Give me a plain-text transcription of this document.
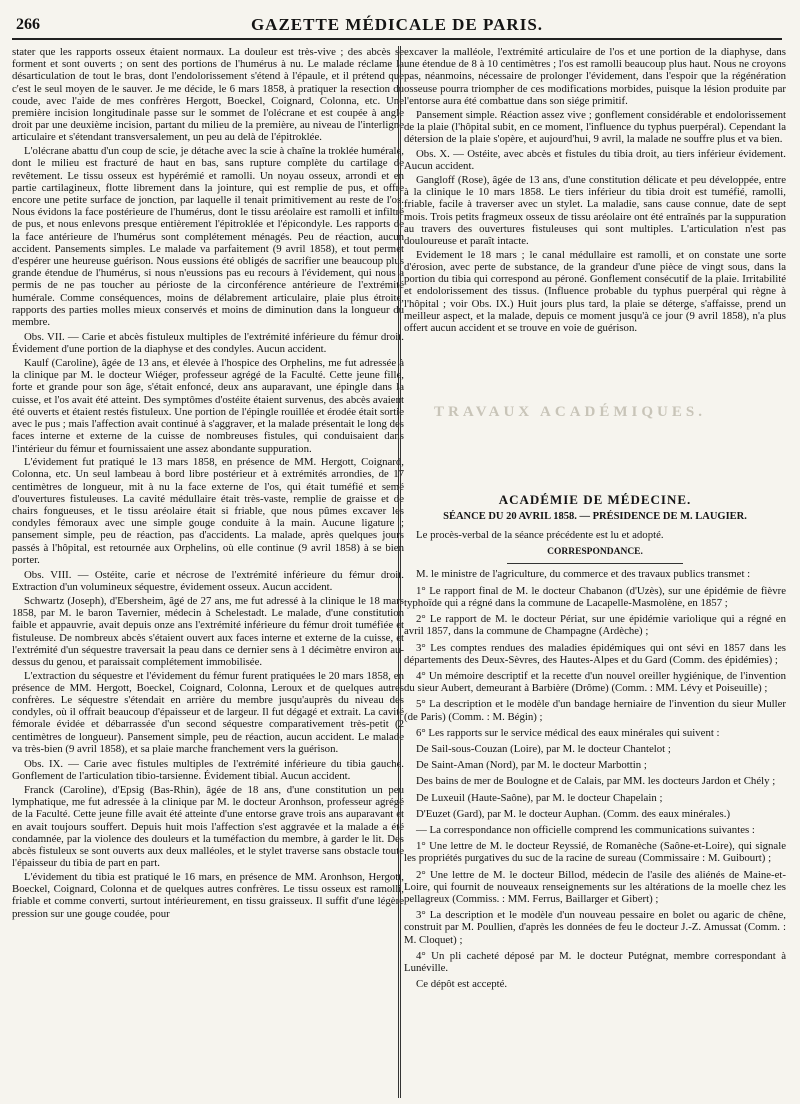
266	GAZETTE MÉDICALE DE PARIS.

stater que les rapports osseux étaient normaux. La douleur est très-vive ; des abcès se forment et sont ouverts ; on sent des portions de l'humérus à nu. Le malade réclame la désarticulation de tout le bras, dont l'endolorissement s'étend à l'épaule, et il prétend que c'est le seul moyen de le sauver. Je me décide, le 6 mars 1858, à pratiquer la resection du coude, avec l'aide de mes confrères Hergott, Boeckel, Coignard, Colonna, etc. Une première incision longitudinale passe sur le sommet de l'olécrane et est coupée à angle droit par une deuxième incision, partant du milieu de la première, au niveau de l'interligne articulaire et s'étendant transversalement, un peu au delà de l'épitroklée.

L'olécrane abattu d'un coup de scie, je détache avec la scie à chaîne la troklée humérale, dont le milieu est fracturé de haut en bas, sans rupture complète du cartilage de revêtement. Le tissu osseux est hypérémié et ramolli. Un noyau osseux, arrondi et en partie cartilagineux, flotte librement dans la jointure, qui est remplie de pus, et offre encore une petite surface de jonction, par laquelle il tenait primitivement au reste de l'os. Nous évidons la face postérieure de l'humérus, dont le tissu aréolaire est ramolli et infiltré de pus, et nous enlevons presque entièrement l'épitroklée et l'épicondyle. Les rapports de la face antérieure de l'humérus sont complétement ménagés. Peu de réaction, aucun accident. Pansements simples. Le malade va parfaitement (9 avril 1858), et tout permet d'espérer une heureuse guérison. Nous eussions été obligés de sacrifier une beaucoup plus grande étendue de l'humérus, si nous n'eussions pas eu recours à l'évidement, qui nous a permis de ne pas toucher au périoste de la circonférence antérieure de l'extrémité humérale. Comme conséquences, moins de délabrement articulaire, plaie plus étroite, rapports des parties molles mieux conservés et moins de diminution dans la longueur du membre.

Obs. VII. — Carie et abcès fistuleux multiples de l'extrémité inférieure du fémur droit. Évidement d'une portion de la diaphyse et des condyles. Aucun accident.

Kaulf (Caroline), âgée de 13 ans, et élevée à l'hospice des Orphelins, me fut adressée à la clinique par M. le docteur Wiéger, professeur agrégé de la Faculté. Cette jeune fille, forte et grande pour son âge, s'était enfoncé, deux ans auparavant, une épingle dans la cuisse, et l'os avait été atteint. Des symptômes d'ostéite étaient survenus, des abcès avaient été ouverts et étaient restés fistuleux. Une portion de l'épingle rouillée et érodée était sortie avec le pus ; mais l'affection avait continué à s'aggraver, et la malade présentait le long des faces interne et externe de la cuisse de nombreuses fistules, qui conduisaient dans l'intérieur du fémur et fournissaient une assez abondante suppuration.

L'évidement fut pratiqué le 13 mars 1858, en présence de MM. Hergott, Coignard, Colonna, etc. Un seul lambeau à bord libre postérieur et à extrémités arrondies, de 17 centimètres de longueur, mit à nu la face externe de l'os, qui était tuméfié et semé d'ouvertures fistuleuses. La cavité médullaire était très-vaste, remplie de graisse et de chairs fongueuses, et le tissu aréolaire était si friable, que nous pûmes excaver les condyles fémoraux avec une simple gouge conduite à la main. Aucune ligature ; pansement simple, peu de réaction, pas d'accidents. La malade, après quelques jours passés à l'hôpital, est retournée aux Orphelins, où elle continue (9 avril 1858) à se bien porter.

Obs. VIII. — Ostéite, carie et nécrose de l'extrémité inférieure du fémur droit. Extraction d'un volumineux séquestre, évidement osseux. Aucun accident.

Schwartz (Joseph), d'Ebersheim, âgé de 27 ans, me fut adressé à la clinique le 18 mars 1858, par M. le baron Tavernier, médecin à Schelestadt. Le malade, d'une constitution faible et appauvrie, avait depuis onze ans l'extrémité inférieure du fémur droit tuméfiée et fistuleuse. De nombreux abcès s'étaient ouvert aux faces interne et externe de la cuisse, et l'extrémité d'un séquestre traversait la peau dans ce dernier sens à 1 décimètre environ au-dessus du genou, et paraissait complétement immobilisée.

L'extraction du séquestre et l'évidement du fémur furent pratiquées le 20 mars 1858, en présence de MM. Hergott, Boeckel, Coignard, Colonna, Leroux et de quelques autres confrères. Le séquestre s'étendait en arrière du membre jusqu'auprès du niveau des condyles, où il offrait beaucoup d'épaisseur et de largeur. Il fut dégagé et extrait. La cavité fémorale évidée et débarrassée d'un second séquestre comparativement très-petit (2 centimètres de longueur). Pansement simple, peu de réaction, aucun accident. Le malade va très-bien (9 avril 1858), et sa plaie marche franchement vers la guérison.

Obs. IX. — Carie avec fistules multiples de l'extrémité inférieure du tibia gauche. Gonflement de l'articulation tibio-tarsienne. Évidement tibial. Aucun accident.

Franck (Caroline), d'Epsig (Bas-Rhin), âgée de 18 ans, d'une constitution un peu lymphatique, me fut adressée à la clinique par M. le docteur Aronhson, professeur agrégé de la Faculté. Cette jeune fille avait été atteinte d'une entorse grave trois ans auparavant et en avait toujours souffert. Depuis huit mois l'affection s'est aggravée et la malade a été condamnée, par la violence des douleurs et la tuméfaction du membre, à garder le lit. Des abcès fistuleux se sont ouverts aux deux malléoles, et le stylet traverse sans obstacle toute l'épaisseur du tibia de part en part.

L'évidement du tibia est pratiqué le 16 mars, en présence de MM. Aronhson, Hergott, Boeckel, Coignard, Colonna et de quelques autres confrères. Le tissu osseux est ramolli, friable et comme converti, surtout intérieurement, en tissu graisseux. Il suffit d'une légère pression sur une gouge coudée, pour

excaver la malléole, l'extrémité articulaire de l'os et une portion de la diaphyse, dans une étendue de 8 à 10 centimètres ; l'os est ramolli beaucoup plus haut. Nous ne croyons pas, néanmoins, nécessaire de prolonger l'évidement, dans l'espoir que la régénération osseuse pourra triompher de ces modifications morbides, puisque la lésion produite par l'entorse aura été combattue dans son siége primitif.

Pansement simple. Réaction assez vive ; gonflement considérable et endolorissement de la plaie (l'hôpital subit, en ce moment, l'influence du typhus puerpéral). Cependant la détersion de la plaie s'opère, et aujourd'hui, 9 avril, la malade ne souffre plus et va bien.

Obs. X. — Ostéite, avec abcès et fistules du tibia droit, au tiers inférieur évidement. Aucun accident.

Gangloff (Rose), âgée de 13 ans, d'une constitution délicate et peu développée, entre à la clinique le 10 mars 1858. Le tiers inférieur du tibia droit est tuméfié, ramolli, friable, facile à traverser avec un stylet. La maladie, sans cause connue, date de sept mois. Trois petits fragmeux osseux de tissu aréolaire ont été entraînés par la suppuration au travers des ouvertures fistuleuses qui sont multiples. L'articulation n'est pas douloureuse et paraît intacte.

Evidement le 18 mars ; le canal médullaire est ramolli, et on constate une sorte d'érosion, avec perte de substance, de la grandeur d'une pièce de vingt sous, dans la portion du tibia qui correspond au péroné. Gonflement consécutif de la plaie. Irritabilité et endolorissement des tissus. (Influence probable du typhus puerpéral qui règne à l'hôpital ; voir Obs. IX.) Huit jours plus tard, la plaie se déterge, s'affaisse, prend un meilleur aspect, et la malade, depuis ce moment jusqu'à ce jour (9 avril 1858), n'a plus offert aucun accident et se trouve en voie de guérison.

TRAVAUX ACADÉMIQUES.
ACADÉMIE DE MÉDECINE.
SÉANCE DU 20 AVRIL 1858. — PRÉSIDENCE DE M. LAUGIER.

Le procès-verbal de la séance précédente est lu et adopté.

CORRESPONDANCE.

M. le ministre de l'agriculture, du commerce et des travaux publics transmet :

1° Le rapport final de M. le docteur Chabanon (d'Uzès), sur une épidémie de fièvre typhoïde qui a régné dans la commune de Lacapelle-Masmolène, en 1857 ;

2° Le rapport de M. le docteur Périat, sur une épidémie variolique qui a régné en avril 1857, dans la commune de Champagne (Ardèche) ;

3° Les comptes rendues des maladies épidémiques qui ont sévi en 1857 dans les départements des Deux-Sèvres, des Hautes-Alpes et du Gard (Comm. des épidémies) ;

4° Un mémoire descriptif et la recette d'un nouvel oreiller hygiénique, de l'invention du sieur Aubert, demeurant à Barbière (Drôme) (Comm. : MM. Lévy et Poiseuille) ;

5° La description et le modèle d'un bandage herniaire de l'invention du sieur Muller (de Paris) (Comm. : M. Bégin) ;

6° Les rapports sur le service médical des eaux minérales qui suivent :

De Sail-sous-Couzan (Loire), par M. le docteur Chantelot ;

De Saint-Aman (Nord), par M. le docteur Marbottin ;

Des bains de mer de Boulogne et de Calais, par MM. les docteurs Jardon et Chély ;

De Luxeuil (Haute-Saône), par M. le docteur Chapelain ;

D'Euzet (Gard), par M. le docteur Auphan. (Comm. des eaux minérales.)

— La correspondance non officielle comprend les communications suivantes :

1° Une lettre de M. le docteur Reyssié, de Romanèche (Saône-et-Loire), qui signale les propriétés purgatives du suc de la racine de sureau (Commissaire : M. Guibourt) ;

2° Une lettre de M. le docteur Billod, médecin de l'asile des aliénés de Maine-et-Loire, qui fournit de nouveaux renseignements sur les altérations de la moelle chez les pellagreux (Commiss. : MM. Ferrus, Baillarger et Gibert) ;

3° La description et le modèle d'un nouveau pessaire en bolet ou agaric de chêne, construit par M. Poullien, d'après les données de feu le docteur J.-Z. Amussat (Comm. : M. Cloquet) ;

4° Un pli cacheté déposé par M. le docteur Putégnat, membre correspondant à Lunéville.

Ce dépôt est accepté.
